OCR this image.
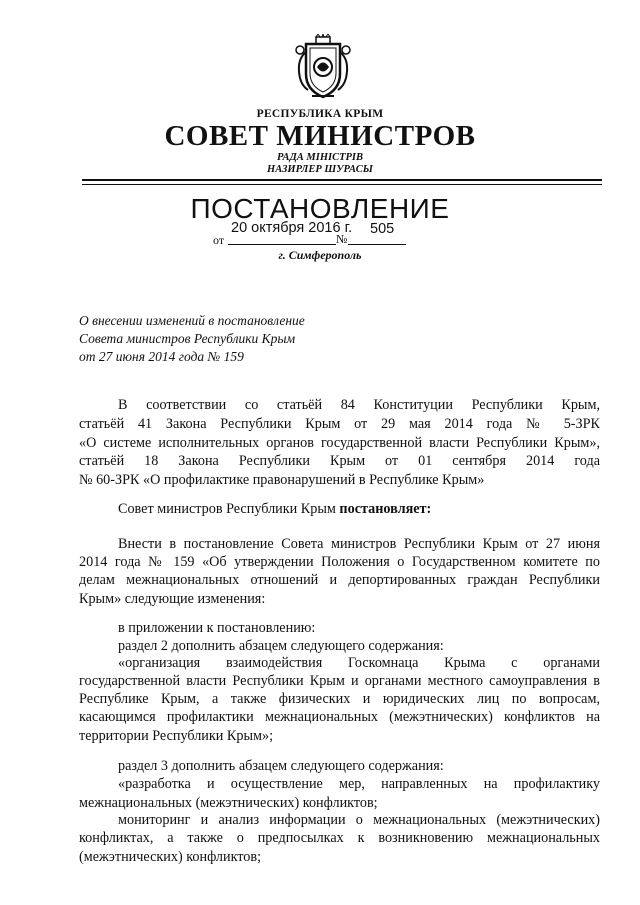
РЕСПУБЛИКА КРЫМ
СОВЕТ МИНИСТРОВ
РАДА МІНІСТРІВ
НАЗИРЛЕР ШУРАСЫ
ПОСТАНОВЛЕНИЕ
от
20 октября 2016 г.
№
505
г. Симферополь
О внесении изменений в постановление
Совета министров Республики Крым
от 27 июня 2014 года № 159
В соответствии со статьёй 84 Конституции Республики Крым,
статьёй 41 Закона Республики Крым от 29 мая 2014 года № 5-ЗРК
«О системе исполнительных органов государственной власти Республики Крым»,
статьёй 18 Закона Республики Крым от 01 сентября 2014 года
№ 60-ЗРК «О профилактике правонарушений в Республике Крым»
Совет министров Республики Крым постановляет:
Внести в постановление Совета министров Республики Крым от 27 июня
2014 года № 159 «Об утверждении Положения о Государственном комитете по
делам межнациональных отношений и депортированных граждан Республики
Крым» следующие изменения:
в приложении к постановлению:
раздел 2 дополнить абзацем следующего содержания:
«организация взаимодействия Госкомнаца Крыма с органами
государственной власти Республики Крым и органами местного самоуправления в
Республике Крым, а также физических и юридических лиц по вопросам,
касающимся профилактики межнациональных (межэтнических) конфликтов на
территории Республики Крым»;
раздел 3 дополнить абзацем следующего содержания:
«разработка и осуществление мер, направленных на профилактику
межнациональных (межэтнических) конфликтов;
мониторинг и анализ информации о межнациональных (межэтнических)
конфликтах, а также о предпосылках к возникновению межнациональных
(межэтнических) конфликтов;
